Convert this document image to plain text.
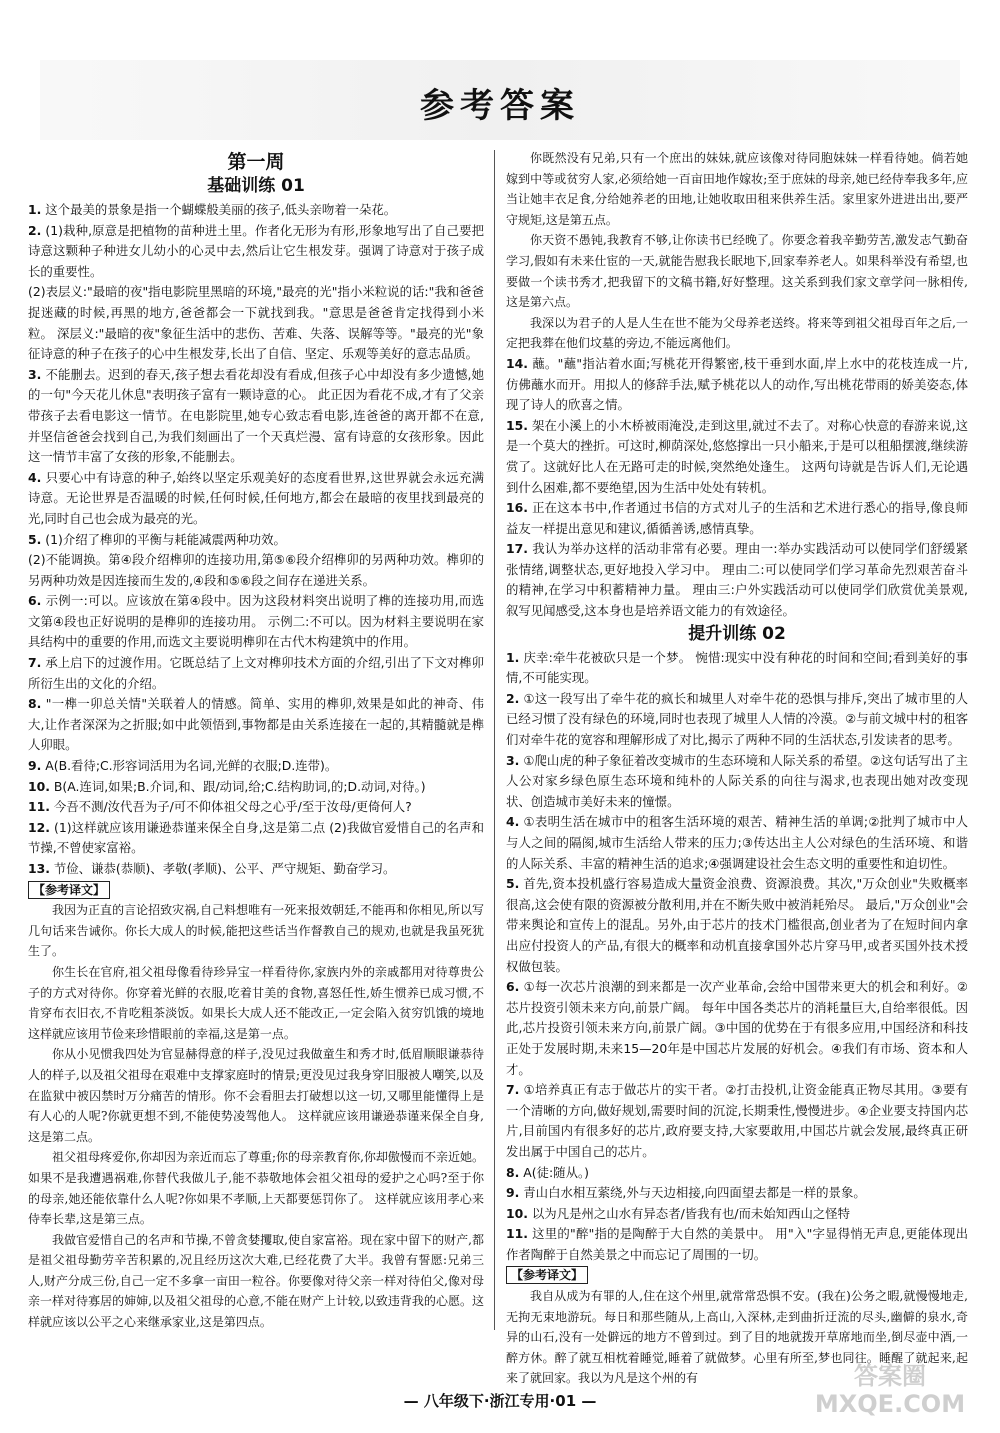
参考答案
第一周
基础训练 01

1. 这个最美的景象是指一个蝴蝶般美丽的孩子,低头亲吻着一朵花。

2. (1)栽种,原意是把植物的苗种进土里。作者化无形为有形,形象地写出了自己要把诗意这颗种子种进女儿幼小的心灵中去,然后让它生根发芽。强调了诗意对于孩子成长的重要性。

(2)表层义:"最暗的夜"指电影院里黑暗的环境,"最亮的光"指小米粒说的话:"我和爸爸捉迷藏的时候,再黑的地方,爸爸都会一下就找到我。"意思是爸爸肯定找得到小米粒。 深层义:"最暗的夜"象征生活中的悲伤、苦难、失落、误解等等。"最亮的光"象征诗意的种子在孩子的心中生根发芽,长出了自信、坚定、乐观等美好的意志品质。

3. 不能删去。迟到的春天,孩子想去看花却没有看成,但孩子心中却没有多少遗憾,她的一句"今天花儿休息"表明孩子富有一颗诗意的心。 此正因为看花不成,才有了父亲带孩子去看电影这一情节。在电影院里,她专心致志看电影,连爸爸的离开都不在意,并坚信爸爸会找到自己,为我们刻画出了一个天真烂漫、富有诗意的女孩形象。因此这一情节丰富了女孩的形象,不能删去。

4. 只要心中有诗意的种子,始终以坚定乐观美好的态度看世界,这世界就会永远充满诗意。无论世界是否温暖的时候,任何时候,任何地方,都会在最暗的夜里找到最亮的光,同时自己也会成为最亮的光。

5. (1)介绍了榫卯的平衡与耗能减震两种功效。

(2)不能调换。第④段介绍榫卯的连接功用,第⑤⑥段介绍榫卯的另两种功效。榫卯的另两种功效是因连接而生发的,④段和⑤⑥段之间存在递进关系。

6. 示例一:可以。应该放在第④段中。因为这段材料突出说明了榫的连接功用,而选文第④段也正好说明的是榫卯的连接功用。 示例二:不可以。因为材料主要说明在家具结构中的重要的作用,而选文主要说明榫卯在古代木构建筑中的作用。

7. 承上启下的过渡作用。它既总结了上文对榫卯技术方面的介绍,引出了下文对榫卯所衍生出的文化的介绍。

8. "一榫一卯总关情"关联着人的情感。简单、实用的榫卯,效果是如此的神奇、伟大,让作者深深为之折服;如中此领悟到,事物都是由关系连接在一起的,其精髓就是榫人卯眼。

9. A(B.看待;C.形容词活用为名词,光鲜的衣服;D.连带)。

10. B(A.连词,如果;B.介词,和、跟/动词,给;C.结构助词,的;D.动词,对待。)

11. 今吾不测/汝代吾为子/可不仰体祖父母之心乎/至于汝母/更倚何人?

12. (1)这样就应该用谦逊恭谨来保全自身,这是第二点 (2)我做官爱惜自己的名声和节操,不曾使家富裕。

13. 节俭、谦恭(恭顺)、孝敬(孝顺)、公平、严守规矩、勤奋学习。

【参考译文】

我因为正直的言论招致灾祸,自己料想唯有一死来报效朝廷,不能再和你相见,所以写几句话来告诫你。你长大成人的时候,能把这些话当作督教自己的规劝,也就是我虽死犹生了。

你生长在官府,祖父祖母像看待珍异宝一样看待你,家族内外的亲戚都用对待尊贵公子的方式对待你。你穿着光鲜的衣服,吃着甘美的食物,喜怒任性,娇生惯养已成习惯,不肯穿布衣旧衣,不肯吃粗茶淡饭。如果长大成人还不能改正,一定会陷入贫穷饥饿的境地这样就应该用节俭来珍惜眼前的幸福,这是第一点。

你从小见惯我四处为官显赫得意的样子,没见过我做童生和秀才时,低眉顺眼谦恭待人的样子,以及祖父祖母在艰难中支撑家庭时的情景;更没见过我身穿旧服被人嘲笑,以及在监狱中被囚禁时万分痛苦的情形。你不会看胆去打破想以这一切,又哪里能懂得上是有人心的人呢?你就更想不到,不能使势凌驾他人。 这样就应该用谦逊恭谨来保全自身,这是第二点。

祖父祖母疼爱你,你却因为亲近而忘了尊重;你的母亲教育你,你却傲慢而不亲近她。如果不是我遭遇祸难,你替代我做儿子,能不恭敬地体会祖父祖母的爱护之心吗?至于你的母亲,她还能依靠什么人呢?你如果不孝顺,上天都要惩罚你了。 这样就应该用孝心来侍奉长辈,这是第三点。

我做官爱惜自己的名声和节操,不曾贪婪攫取,使自家富裕。现在家中留下的财产,都是祖父祖母勤劳辛苦积累的,况且经历这次大难,已经花费了大半。我曾有誓愿:兄弟三人,财产分成三份,自己一定不多拿一亩田一粒谷。你要像对待父亲一样对待伯父,像对母亲一样对待寡居的婶婶,以及祖父祖母的心意,不能在财产上计较,以致违背我的心愿。这样就应该以公平之心来继承家业,这是第四点。

你既然没有兄弟,只有一个庶出的妹妹,就应该像对待同胞妹妹一样看待她。倘若她嫁到中等或贫穷人家,必须给她一百亩田地作嫁妆;至于庶妹的母亲,她已经侍奉我多年,应当让她丰衣足食,分给她养老的田地,让她收取田租来供养生活。家里家外进进出出,要严守规矩,这是第五点。

你天资不愚钝,我教育不够,让你读书已经晚了。你要念着我辛勤劳苦,激发志气勤奋学习,假如有未来仕宦的一天,就能告慰我长眠地下,回家奉养老人。如果科举没有希望,也要做一个读书秀才,把我留下的文稿书籍,好好整理。这关系到我们家文章学问一脉相传,这是第六点。

我深以为君子的人是人生在世不能为父母养老送终。将来等到祖父祖母百年之后,一定把我葬在他们坟墓的旁边,不能远离他们。

14. 蘸。"蘸"指沾着水面;写桃花开得繁密,枝干垂到水面,岸上水中的花枝连成一片,仿佛蘸水而开。用拟人的修辞手法,赋予桃花以人的动作,写出桃花带雨的娇美姿态,体现了诗人的欣喜之情。

15. 架在小溪上的小木桥被雨淹没,走到这里,就过不去了。对称心快意的春游来说,这是一个莫大的挫折。可这时,柳荫深处,悠悠撑出一只小船来,于是可以租船摆渡,继续游赏了。这就好比人在无路可走的时候,突然绝处逢生。 这两句诗就是告诉人们,无论遇到什么困难,都不要绝望,因为生活中处处有转机。

16. 正在这本书中,作者通过书信的方式对儿子的生活和艺术进行悉心的指导,像良师益友一样提出意见和建议,循循善诱,感情真挚。

17. 我认为举办这样的活动非常有必要。理由一:举办实践活动可以使同学们舒缓紧张情绪,调整状态,更好地投入学习中。 理由二:可以使同学们学习革命先烈艰苦奋斗的精神,在学习中积蓄精神力量。 理由三:户外实践活动可以使同学们欣赏优美景观,叙写见闻感受,这本身也是培养语文能力的有效途径。

提升训练 02

1. 庆幸:牵牛花被砍只是一个梦。 惋惜:现实中没有种花的时间和空间;看到美好的事情,不可能实现。

2. ①这一段写出了牵牛花的疯长和城里人对牵牛花的恐惧与排斥,突出了城市里的人已经习惯了没有绿色的环境,同时也表现了城里人人情的冷漠。②与前文城中村的租客们对牵牛花的宽容和理解形成了对比,揭示了两种不同的生活状态,引发读者的思考。

3. ①爬山虎的种子象征着改变城市的生态环境和人际关系的希望。②这句话写出了主人公对家乡绿色原生态环境和纯朴的人际关系的向往与渴求,也表现出她对改变现状、创造城市美好未来的憧憬。

4. ①表明生活在城市中的租客生活环境的艰苦、精神生活的单调;②批判了城市中人与人之间的隔阂,城市生活给人带来的压力;③传达出主人公对绿色的生活环境、和谐的人际关系、丰富的精神生活的追求;④强调建设社会生态文明的重要性和迫切性。

5. 首先,资本投机盛行容易造成大量资金浪费、资源浪费。其次,"万众创业"失败概率很高,这会使有限的资源被分散利用,并在不断失败中被消耗殆尽。 最后,"万众创业"会带来舆论和宣传上的混乱。另外,由于芯片的技术门槛很高,创业者为了在短时间内拿出应付投资人的产品,有很大的概率和动机直接拿国外芯片穿马甲,或者买国外技术授权做包装。

6. ①每一次芯片浪潮的到来都是一次产业革命,会给中国带来更大的机会和利好。②芯片投资引领未来方向,前景广阔。 每年中国各类芯片的消耗量巨大,自给率很低。因此,芯片投资引领未来方向,前景广阔。③中国的优势在于有很多应用,中国经济和科技正处于发展时期,未来15—20年是中国芯片发展的好机会。④我们有市场、资本和人才。

7. ①培养真正有志于做芯片的实干者。②打击投机,让资金能真正物尽其用。③要有一个清晰的方向,做好规划,需要时间的沉淀,长期秉性,慢慢进步。④企业要支持国内芯片,目前国内有很多好的芯片,政府要支持,大家要敢用,中国芯片就会发展,最终真正研发出属于中国自己的芯片。

8. A(徒:随从。)

9. 青山白水相互萦绕,外与天边相接,向四面望去都是一样的景象。

10. 以为凡是州之山水有异态者/皆我有也/而未始知西山之怪特

11. 这里的"醉"指的是陶醉于大自然的美景中。 用"入"字显得悄无声息,更能体现出作者陶醉于自然美景之中而忘记了周围的一切。

【参考译文】

我自从成为有罪的人,住在这个州里,就常常恐惧不安。(我在)公务之暇,就慢慢地走,无拘无束地游玩。每日和那些随从,上高山,入深林,走到曲折迂流的尽头,幽僻的泉水,奇异的山石,没有一处僻远的地方不曾到过。到了目的地就拨开草席地而坐,倒尽壶中酒,一醉方休。醉了就互相枕着睡觉,睡着了就做梦。心里有所至,梦也同往。睡醒了就起来,起来了就回家。我以为凡是这个州的有

— 八年级下·浙江专用·01 —
答案圈 MXQE.COM
